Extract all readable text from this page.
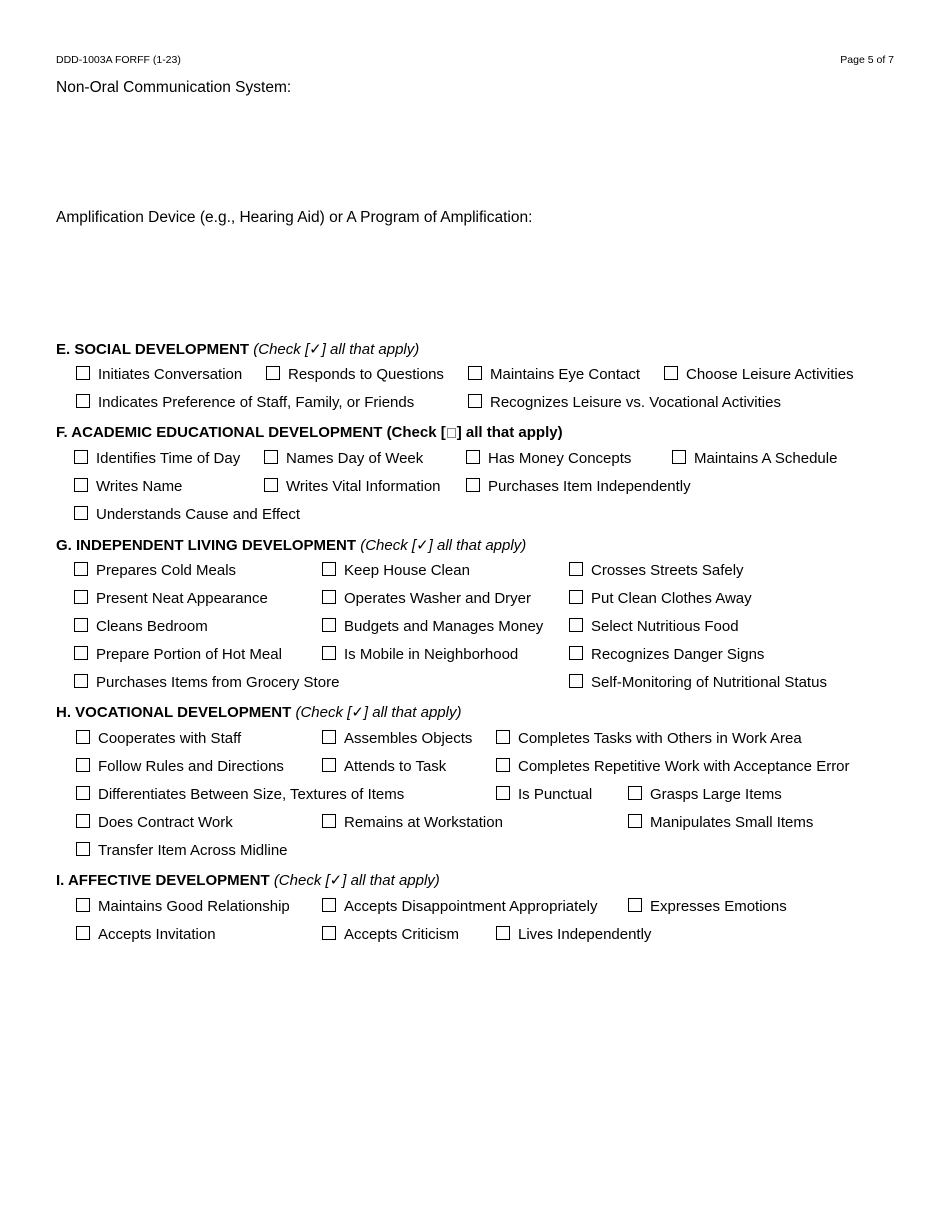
DDD-1003A FORFF (1-23)	Page 5 of 7
Non-Oral Communication System:
Amplification Device (e.g., Hearing Aid) or A Program of Amplification:
E. SOCIAL DEVELOPMENT (Check [✓] all that apply)
Initiates Conversation	Responds to Questions	Maintains Eye Contact	Choose Leisure Activities
Indicates Preference of Staff, Family, or Friends	Recognizes Leisure vs. Vocational Activities
F. ACADEMIC EDUCATIONAL DEVELOPMENT (Check [ ] all that apply)
Identifies Time of Day	Names Day of Week	Has Money Concepts	Maintains A Schedule
Writes Name	Writes Vital Information	Purchases Item Independently
Understands Cause and Effect
G. INDEPENDENT LIVING DEVELOPMENT (Check [✓] all that apply)
Prepares Cold Meals	Keep House Clean	Crosses Streets Safely
Present Neat Appearance	Operates Washer and Dryer	Put Clean Clothes Away
Cleans Bedroom	Budgets and Manages Money	Select Nutritious Food
Prepare Portion of Hot Meal	Is Mobile in Neighborhood	Recognizes Danger Signs
Purchases Items from Grocery Store	Self-Monitoring of Nutritional Status
H. VOCATIONAL DEVELOPMENT (Check [✓] all that apply)
Cooperates with Staff	Assembles Objects	Completes Tasks with Others in Work Area
Follow Rules and Directions	Attends to Task	Completes Repetitive Work with Acceptance Error
Differentiates Between Size, Textures of Items	Is Punctual	Grasps Large Items
Does Contract Work	Remains at Workstation	Manipulates Small Items
Transfer Item Across Midline
I. AFFECTIVE DEVELOPMENT (Check [✓] all that apply)
Maintains Good Relationship	Accepts Disappointment Appropriately	Expresses Emotions
Accepts Invitation	Accepts Criticism	Lives Independently
